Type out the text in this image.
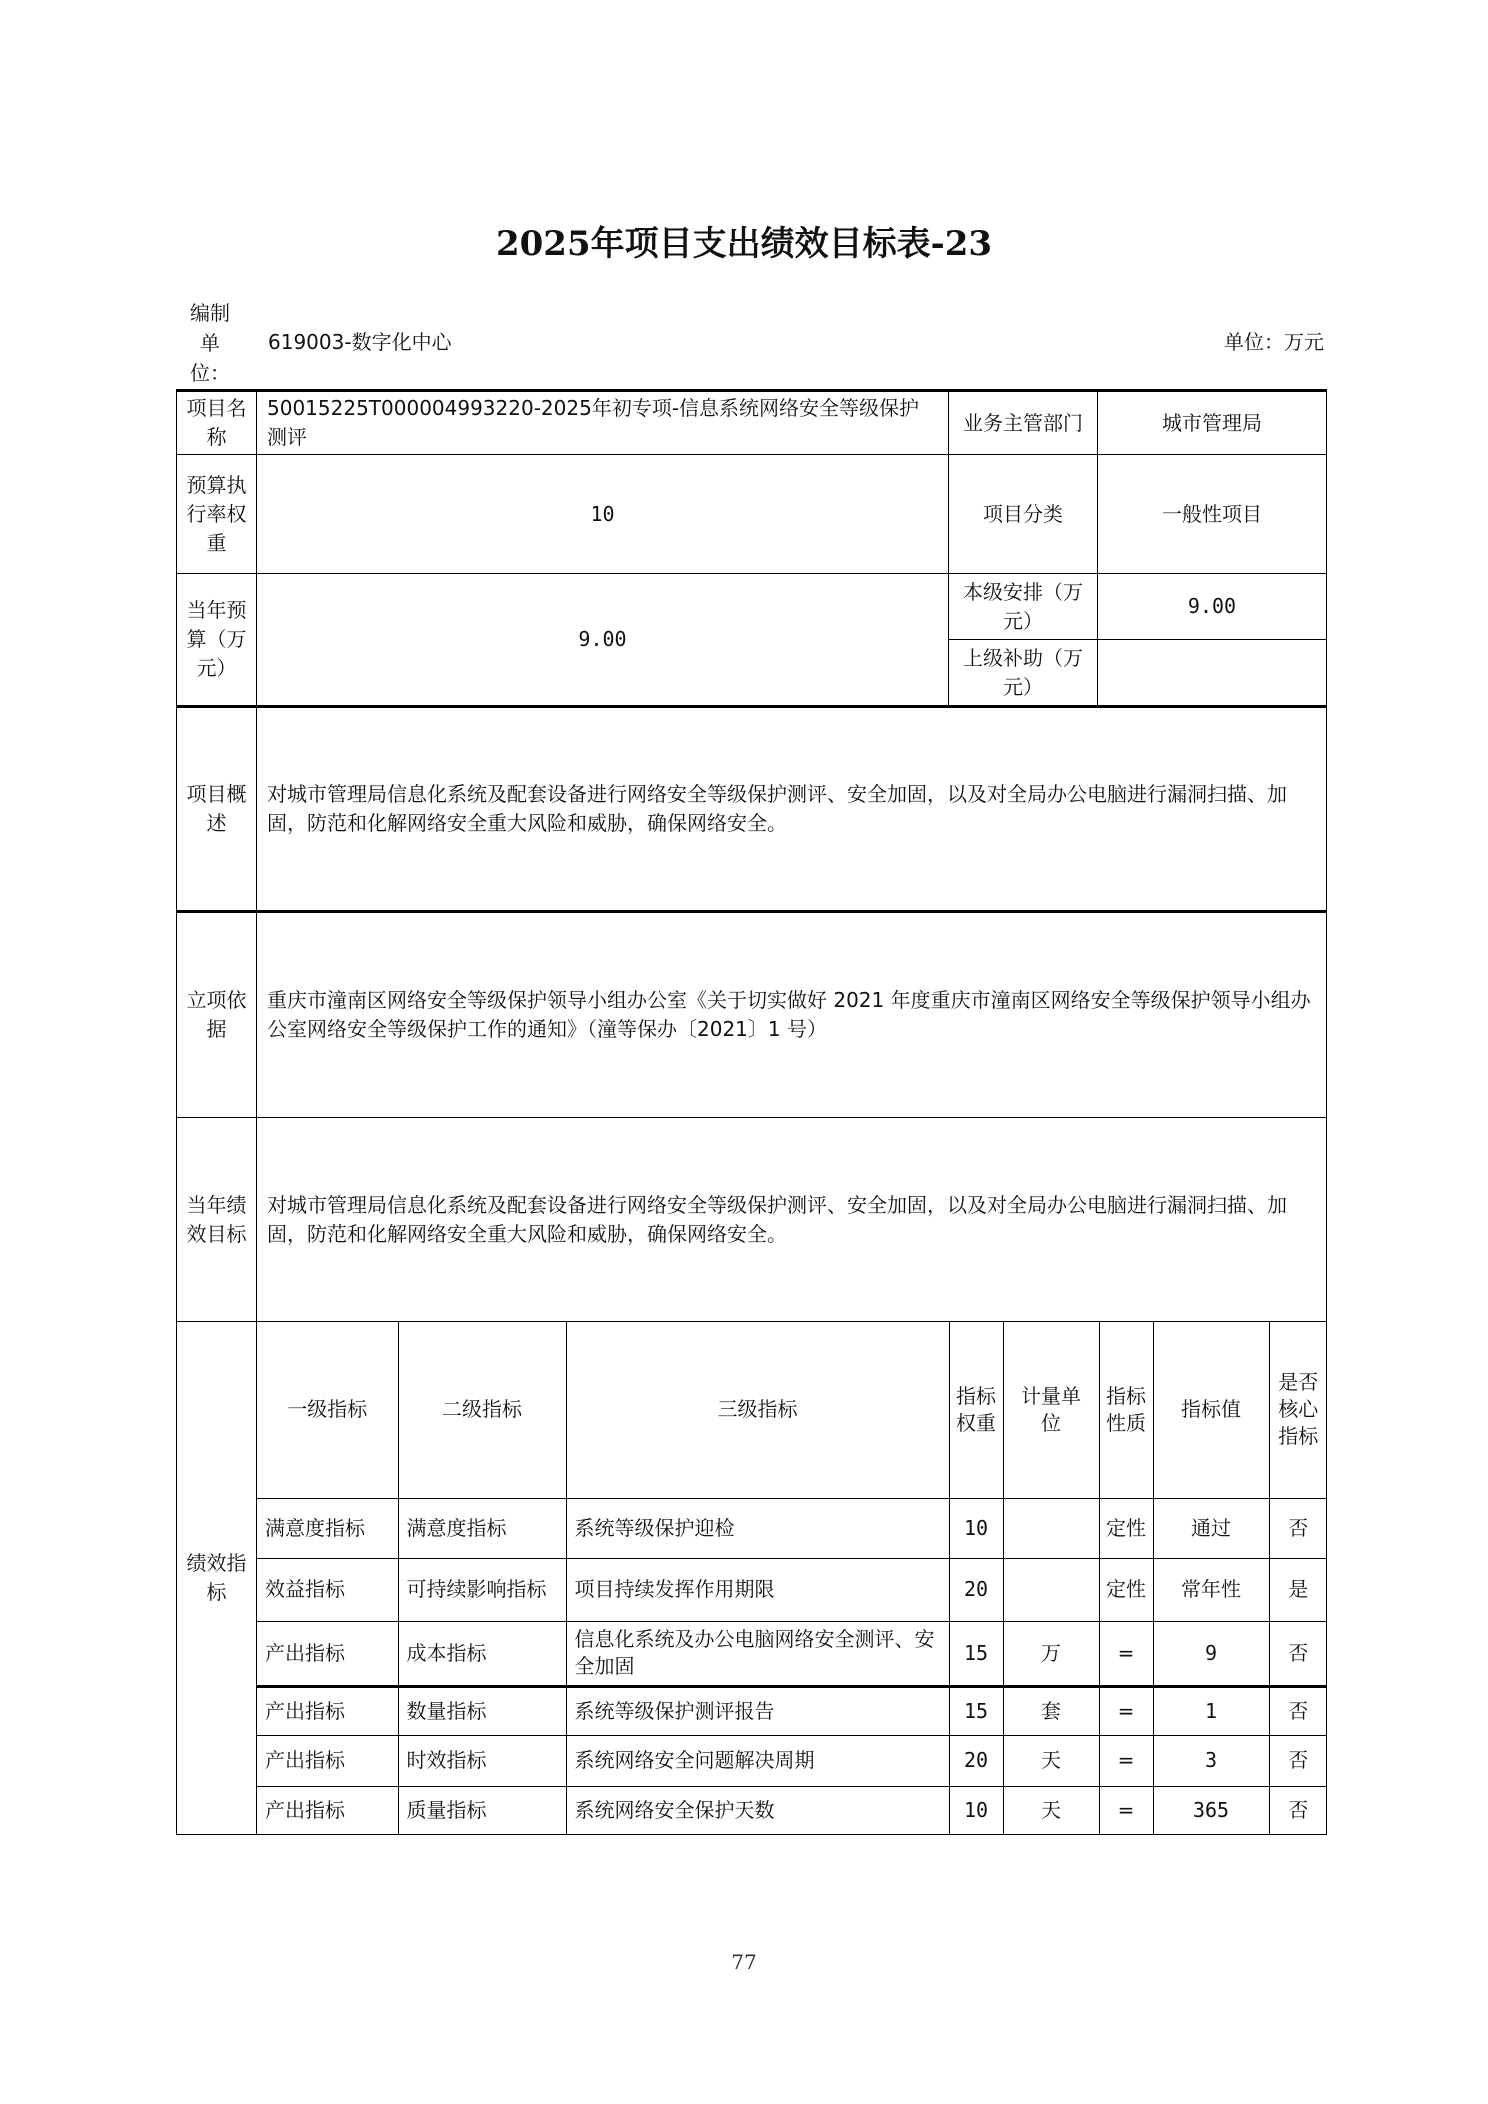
2025年项目支出绩效目标表-23
编制单位：
619003-数字化中心	单位：万元
项目名称	50015225T000004993220-2025年初专项-信息系统网络安全等级保护测评	业务主管部门	城市管理局
预算执行率权重	10	项目分类	一般性项目
当年预算（万元）	9.00	本级安排（万元）	9.00
上级补助（万元）	
项目概述	对城市管理局信息化系统及配套设备进行网络安全等级保护测评、安全加固，以及对全局办公电脑进行漏洞扫描、加固，防范和化解网络安全重大风险和威胁，确保网络安全。
立项依据	重庆市潼南区网络安全等级保护领导小组办公室《关于切实做好 2021 年度重庆市潼南区网络安全等级保护领导小组办公室网络安全等级保护工作的通知》（潼等保办〔2021〕1 号）
当年绩效目标	对城市管理局信息化系统及配套设备进行网络安全等级保护测评、安全加固，以及对全局办公电脑进行漏洞扫描、加固，防范和化解网络安全重大风险和威胁，确保网络安全。
绩效指标	
一级指标	二级指标	三级指标	指标权重	计量单位	指标性质	指标值	是否核心指标
满意度指标	满意度指标	系统等级保护迎检	10		定性	通过	否
效益指标	可持续影响指标	项目持续发挥作用期限	20		定性	常年性	是
产出指标	成本指标	信息化系统及办公电脑网络安全测评、安全加固	15	万	=	9	否
产出指标	数量指标	系统等级保护测评报告	15	套	=	1	否
产出指标	时效指标	系统网络安全问题解决周期	20	天	=	3	否
产出指标	质量指标	系统网络安全保护天数	10	天	=	365	否
77
